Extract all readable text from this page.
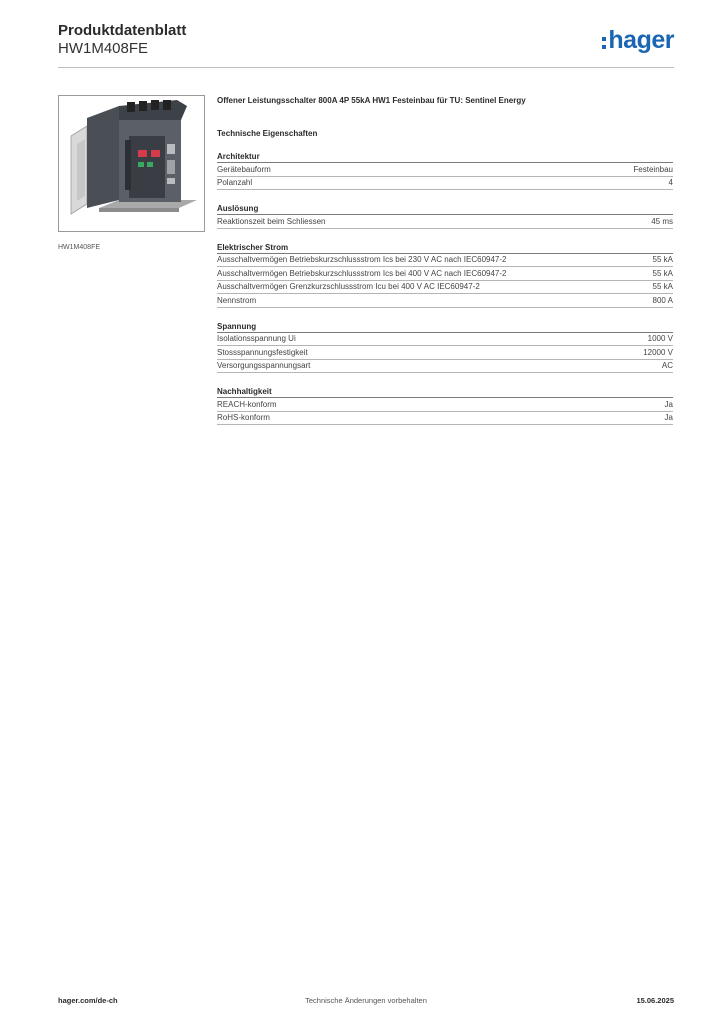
Produktdatenblatt
HW1M408FE	hager
HW1M408FE
Offener Leistungsschalter 800A 4P 55kA HW1 Festeinbau für TU: Sentinel Energy
Technische Eigenschaften
Architektur
Gerätebauform	Festeinbau
Polanzahl	4
Auslösung
Reaktionszeit beim Schliessen	45 ms
Elektrischer Strom
Ausschaltvermögen Betriebskurzschlussstrom Ics bei 230 V AC nach IEC60947-2	55 kA
Ausschaltvermögen Betriebskurzschlussstrom Ics bei 400 V AC nach IEC60947-2	55 kA
Ausschaltvermögen Grenzkurzschlussstrom Icu bei 400 V AC IEC60947-2	55 kA
Nennstrom	800 A
Spannung
Isolationsspannung Ui	1000 V
Stossspannungsfestigkeit	12000 V
Versorgungsspannungsart	AC
Nachhaltigkeit
REACH-konform	Ja
RoHS-konform	Ja
hager.com/de-ch	Technische Änderungen vorbehalten	15.06.2025
